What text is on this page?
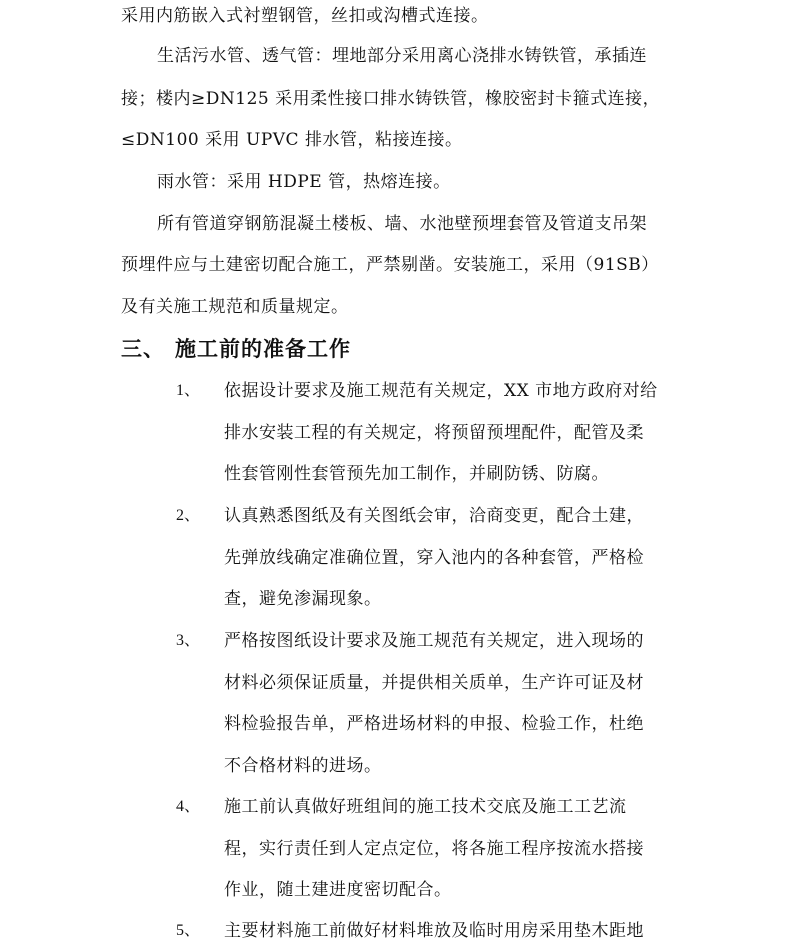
采用内筋嵌入式衬塑钢管，丝扣或沟槽式连接。
生活污水管、透气管：埋地部分采用离心浇排水铸铁管，承插连
接；楼内≥DN125 采用柔性接口排水铸铁管，橡胶密封卡箍式连接，
≤DN100 采用 UPVC 排水管，粘接连接。
雨水管：采用 HDPE 管，热熔连接。
所有管道穿钢筋混凝土楼板、墙、水池壁预埋套管及管道支吊架
预埋件应与土建密切配合施工，严禁剔凿。安装施工，采用（91SB）
及有关施工规范和质量规定。
三、 施工前的准备工作
1、 依据设计要求及施工规范有关规定，XX 市地方政府对给
排水安装工程的有关规定，将预留预埋配件，配管及柔
性套管刚性套管预先加工制作，并刷防锈、防腐。
2、 认真熟悉图纸及有关图纸会审，洽商变更，配合土建，
先弹放线确定准确位置，穿入池内的各种套管，严格检
查，避免渗漏现象。
3、 严格按图纸设计要求及施工规范有关规定，进入现场的
材料必须保证质量，并提供相关质单，生产许可证及材
料检验报告单，严格进场材料的申报、检验工作，杜绝
不合格材料的进场。
4、 施工前认真做好班组间的施工技术交底及施工工艺流
程，实行责任到人定点定位，将各施工程序按流水搭接
作业，随土建进度密切配合。
5、 主要材料施工前做好材料堆放及临时用房采用垫木距地
